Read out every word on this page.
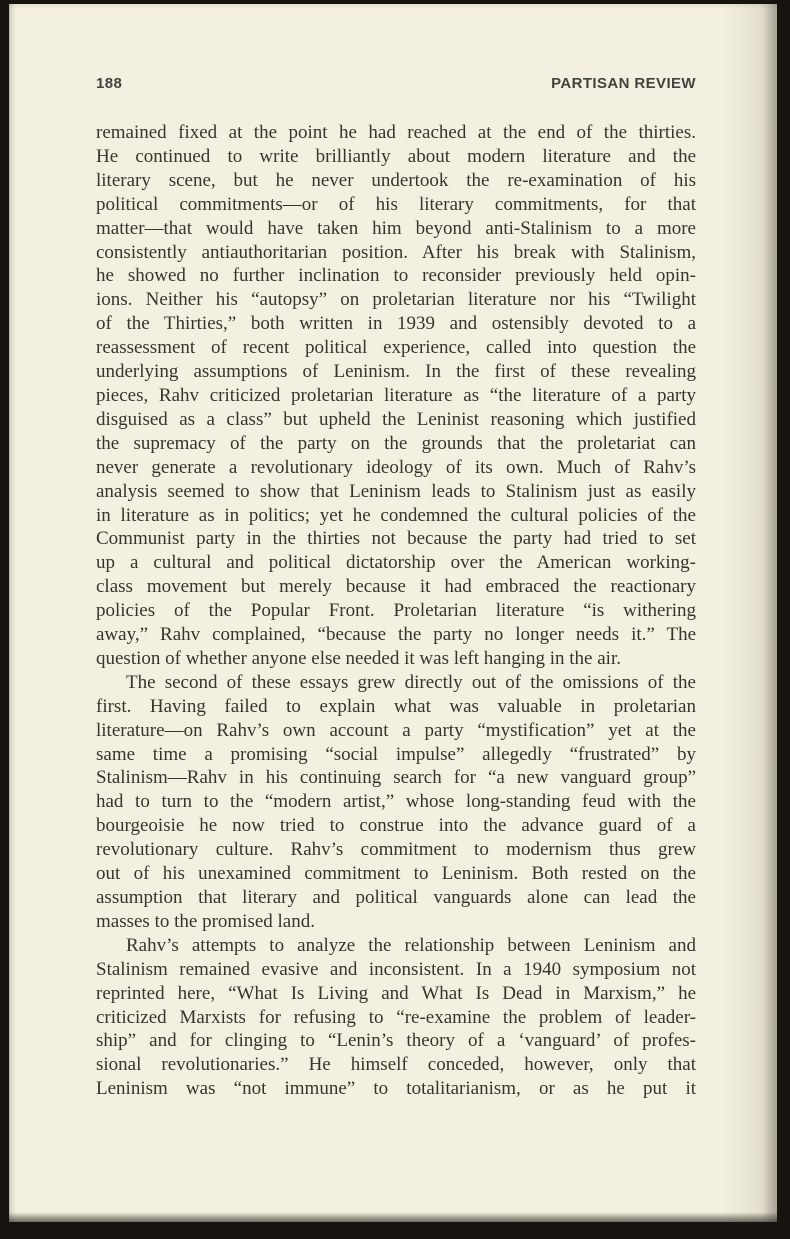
188	PARTISAN REVIEW
remained fixed at the point he had reached at the end of the thirties.
He continued to write brilliantly about modern literature and the
literary scene, but he never undertook the re-examination of his
political commitments—or of his literary commitments, for that
matter—that would have taken him beyond anti-Stalinism to a more
consistently antiauthoritarian position. After his break with Stalinism,
he showed no further inclination to reconsider previously held opin-
ions. Neither his “autopsy” on proletarian literature nor his “Twilight
of the Thirties,” both written in 1939 and ostensibly devoted to a
reassessment of recent political experience, called into question the
underlying assumptions of Leninism. In the first of these revealing
pieces, Rahv criticized proletarian literature as “the literature of a party
disguised as a class” but upheld the Leninist reasoning which justified
the supremacy of the party on the grounds that the proletariat can
never generate a revolutionary ideology of its own. Much of Rahv’s
analysis seemed to show that Leninism leads to Stalinism just as easily
in literature as in politics; yet he condemned the cultural policies of the
Communist party in the thirties not because the party had tried to set
up a cultural and political dictatorship over the American working-
class movement but merely because it had embraced the reactionary
policies of the Popular Front. Proletarian literature “is withering
away,” Rahv complained, “because the party no longer needs it.” The
question of whether anyone else needed it was left hanging in the air.
The second of these essays grew directly out of the omissions of the
first. Having failed to explain what was valuable in proletarian
literature—on Rahv’s own account a party “mystification” yet at the
same time a promising “social impulse” allegedly “frustrated” by
Stalinism—Rahv in his continuing search for “a new vanguard group”
had to turn to the “modern artist,” whose long-standing feud with the
bourgeoisie he now tried to construe into the advance guard of a
revolutionary culture. Rahv’s commitment to modernism thus grew
out of his unexamined commitment to Leninism. Both rested on the
assumption that literary and political vanguards alone can lead the
masses to the promised land.
Rahv’s attempts to analyze the relationship between Leninism and
Stalinism remained evasive and inconsistent. In a 1940 symposium not
reprinted here, “What Is Living and What Is Dead in Marxism,” he
criticized Marxists for refusing to “re-examine the problem of leader-
ship” and for clinging to “Lenin’s theory of a ‘vanguard’ of profes-
sional revolutionaries.” He himself conceded, however, only that
Leninism was “not immune” to totalitarianism, or as he put it
